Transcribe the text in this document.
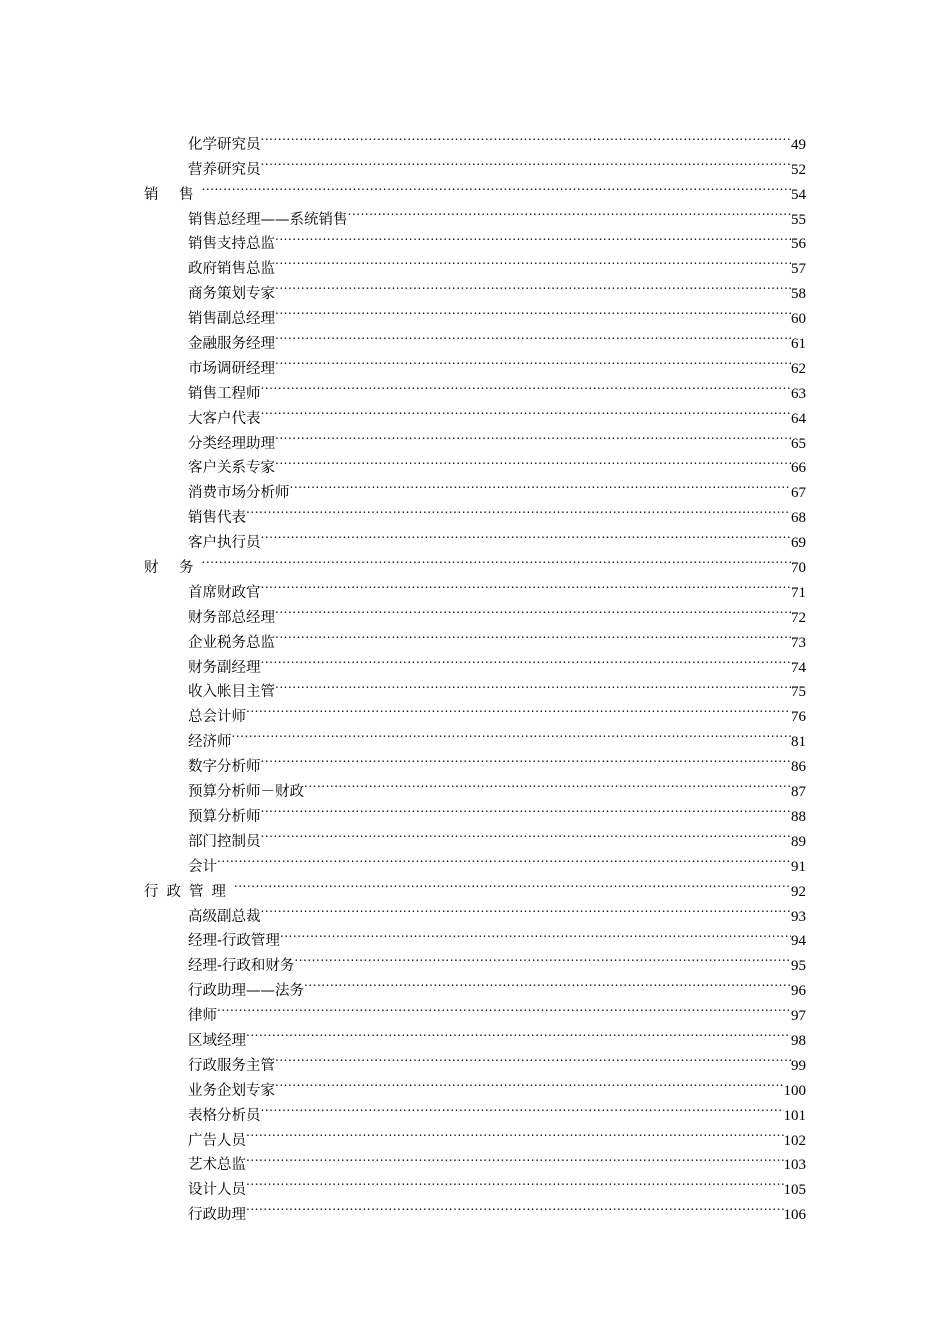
化学研究员 .....	49
营养研究员 .....	52
销 售 .....	54
销售总经理——系统销售 .....	55
销售支持总监 .....	56
政府销售总监 .....	57
商务策划专家 .....	58
销售副总经理 .....	60
金融服务经理 .....	61
市场调研经理 .....	62
销售工程师 .....	63
大客户代表 .....	64
分类经理助理 .....	65
客户关系专家 .....	66
消费市场分析师 .....	67
销售代表 .....	68
客户执行员 .....	69
财 务 .....	70
首席财政官 .....	71
财务部总经理 .....	72
企业税务总监 .....	73
财务副经理 .....	74
收入帐目主管 .....	75
总会计师 .....	76
经济师 .....	81
数字分析师 .....	86
预算分析师－财政 .....	87
预算分析师 .....	88
部门控制员 .....	89
会计 .....	91
行政管理 .....	92
高级副总裁 .....	93
经理-行政管理 .....	94
经理-行政和财务 .....	95
行政助理——法务 .....	96
律师 .....	97
区域经理 .....	98
行政服务主管 .....	99
业务企划专家 .....	100
表格分析员 .....	101
广告人员 .....	102
艺术总监 .....	103
设计人员 .....	105
行政助理 .....	106
